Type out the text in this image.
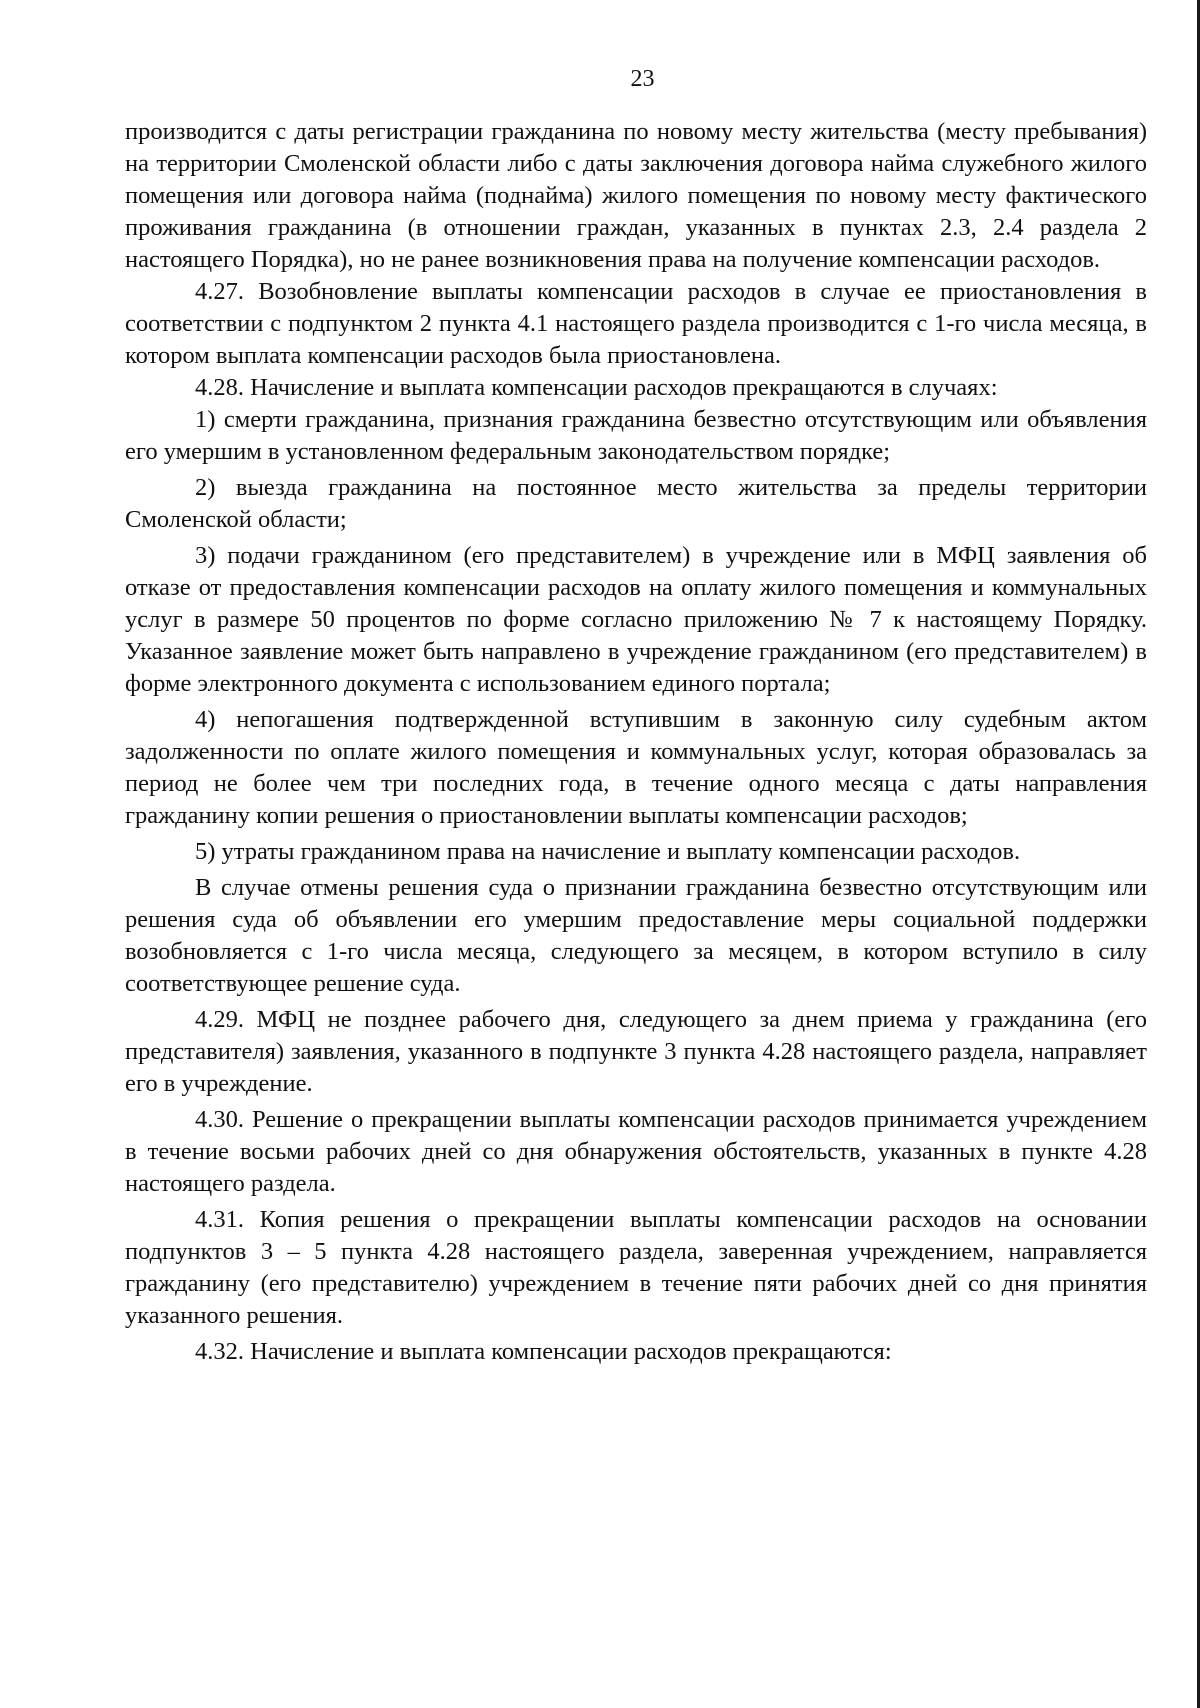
23

производится с даты регистрации гражданина по новому месту жительства (месту пребывания) на территории Смоленской области либо с даты заключения договора найма служебного жилого помещения или договора найма (поднайма) жилого помещения по новому месту фактического проживания гражданина (в отношении граждан, указанных в пунктах 2.3, 2.4 раздела 2 настоящего Порядка), но не ранее возникновения права на получение компенсации расходов.

4.27. Возобновление выплаты компенсации расходов в случае ее приостановления в соответствии с подпунктом 2 пункта 4.1 настоящего раздела производится с 1-го числа месяца, в котором выплата компенсации расходов была приостановлена.

4.28. Начисление и выплата компенсации расходов прекращаются в случаях:

1) смерти гражданина, признания гражданина безвестно отсутствующим или объявления его умершим в установленном федеральным законодательством порядке;

2) выезда гражданина на постоянное место жительства за пределы территории Смоленской области;

3) подачи гражданином (его представителем) в учреждение или в МФЦ заявления об отказе от предоставления компенсации расходов на оплату жилого помещения и коммунальных услуг в размере 50 процентов по форме согласно приложению № 7 к настоящему Порядку. Указанное заявление может быть направлено в учреждение гражданином (его представителем) в форме электронного документа с использованием единого портала;

4) непогашения подтвержденной вступившим в законную силу судебным актом задолженности по оплате жилого помещения и коммунальных услуг, которая образовалась за период не более чем три последних года, в течение одного месяца с даты направления гражданину копии решения о приостановлении выплаты компенсации расходов;

5) утраты гражданином права на начисление и выплату компенсации расходов.

В случае отмены решения суда о признании гражданина безвестно отсутствующим или решения суда об объявлении его умершим предоставление меры социальной поддержки возобновляется с 1-го числа месяца, следующего за месяцем, в котором вступило в силу соответствующее решение суда.

4.29. МФЦ не позднее рабочего дня, следующего за днем приема у гражданина (его представителя) заявления, указанного в подпункте 3 пункта 4.28 настоящего раздела, направляет его в учреждение.

4.30. Решение о прекращении выплаты компенсации расходов принимается учреждением в течение восьми рабочих дней со дня обнаружения обстоятельств, указанных в пункте 4.28 настоящего раздела.

4.31. Копия решения о прекращении выплаты компенсации расходов на основании подпунктов 3 – 5 пункта 4.28 настоящего раздела, заверенная учреждением, направляется гражданину (его представителю) учреждением в течение пяти рабочих дней со дня принятия указанного решения.

4.32. Начисление и выплата компенсации расходов прекращаются:
